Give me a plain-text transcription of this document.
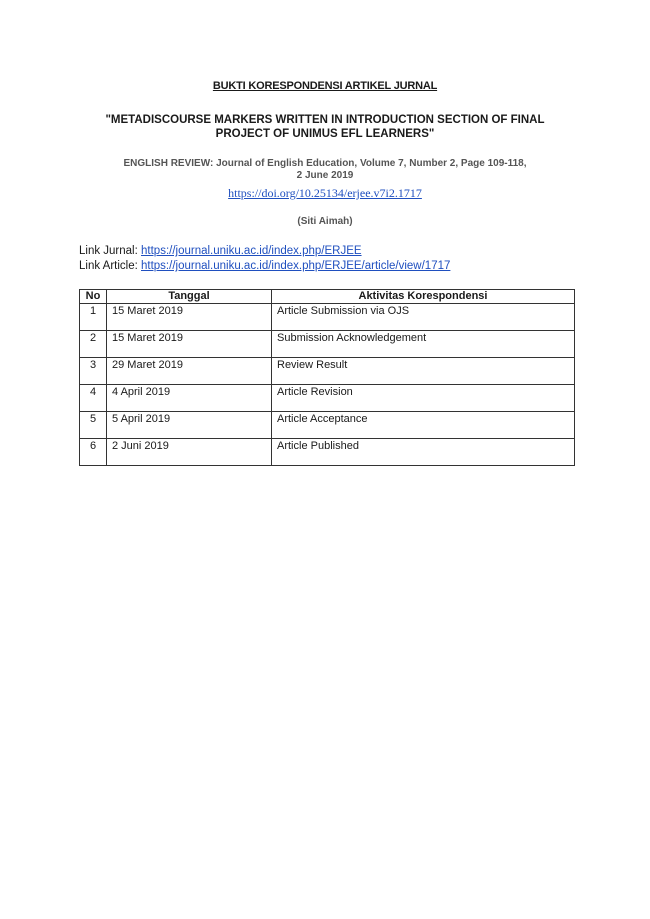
BUKTI KORESPONDENSI ARTIKEL JURNAL
"METADISCOURSE MARKERS WRITTEN IN INTRODUCTION SECTION OF FINAL
PROJECT OF UNIMUS EFL LEARNERS"
ENGLISH REVIEW: Journal of English Education, Volume 7, Number 2, Page 109-118,
2 June 2019
https://doi.org/10.25134/erjee.v7i2.1717
(Siti Aimah)
Link Jurnal: https://journal.uniku.ac.id/index.php/ERJEE
Link Article: https://journal.uniku.ac.id/index.php/ERJEE/article/view/1717
No	Tanggal	Aktivitas Korespondensi
1	15 Maret 2019	Article Submission via OJS
2	15 Maret 2019	Submission Acknowledgement
3	29 Maret 2019	Review Result
4	4 April 2019	Article Revision
5	5 April 2019	Article Acceptance
6	2 Juni 2019	Article Published
